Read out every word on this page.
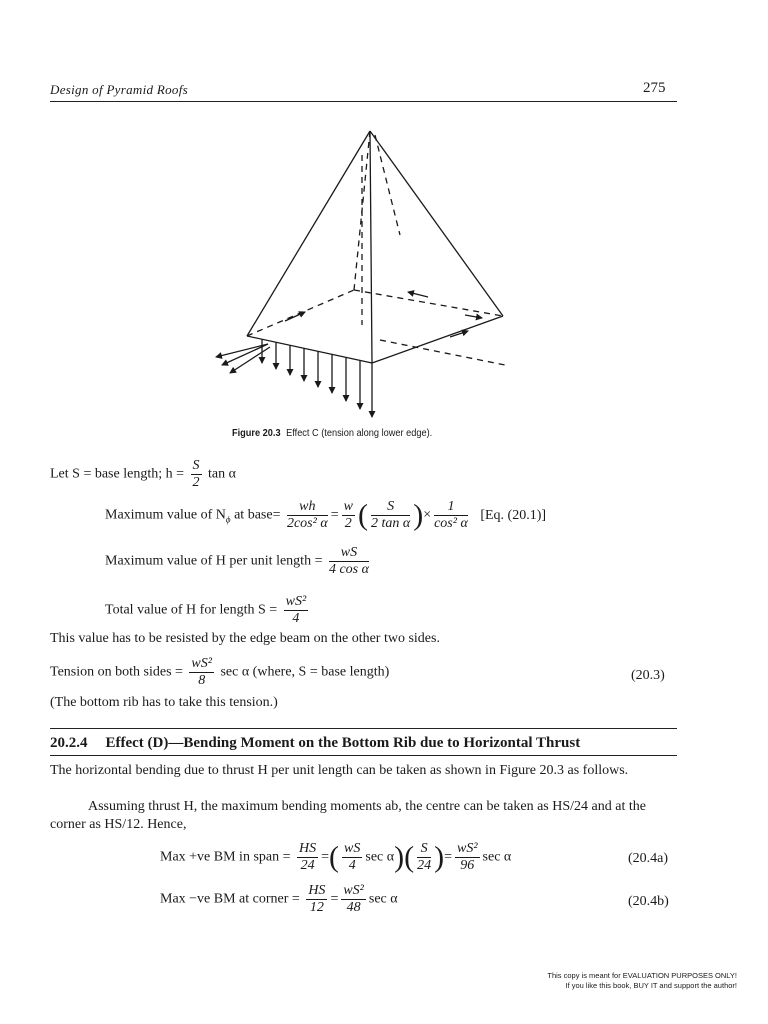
Design of Pyramid Roofs	275
Figure 20.3 Effect C (tension along lower edge).
Let S = base length; $h = \frac{S}{2}$ tan α
Maximum value of $N_\phi$ at base= $\frac{wh}{\text{2cos² α}} = \frac{w}{2}$ ( $\frac{S}{\text{2 tan α}}$ )× $\frac{1}{\text{cos² α}} [Eq$. (20.1)]
Maximum value of H per unit length = $\frac{wS}{\text{4 cos α}}$
Total value of H for length $S = \frac{\text{wS²}}{4}$
This value has to be resisted by the edge beam on the other two sides.
Tension on both sides = $\frac{\text{wS²}}{8}$ sec α (where, S = base length)	(20.3)
(The bottom rib has to take this tension.)
20.2.4 Effect (D)—Bending Moment on the Bottom Rib due to Horizontal Thrust
The horizontal bending due to thrust H per unit length can be taken as shown in Figure 20.3 as follows.
Assuming thrust H, the maximum bending moments ab, the centre can be taken as HS/24 and at the corner as HS/12. Hence,
Max +ve BM in span = $\frac{HS}{24}$ =( $\frac{wS}{4}$ $\sec \alpha)( \frac{S}{24}$ )= $\frac{\text{wS²}}{96}$ sec α	(20.4a)
Max −ve BM at corner = $\frac{HS}{12} = \frac{\text{wS²}}{48}$ sec α	(20.4b)
This copy is meant for EVALUATION PURPOSES ONLY!
If you like this book, BUY IT and support the author!
